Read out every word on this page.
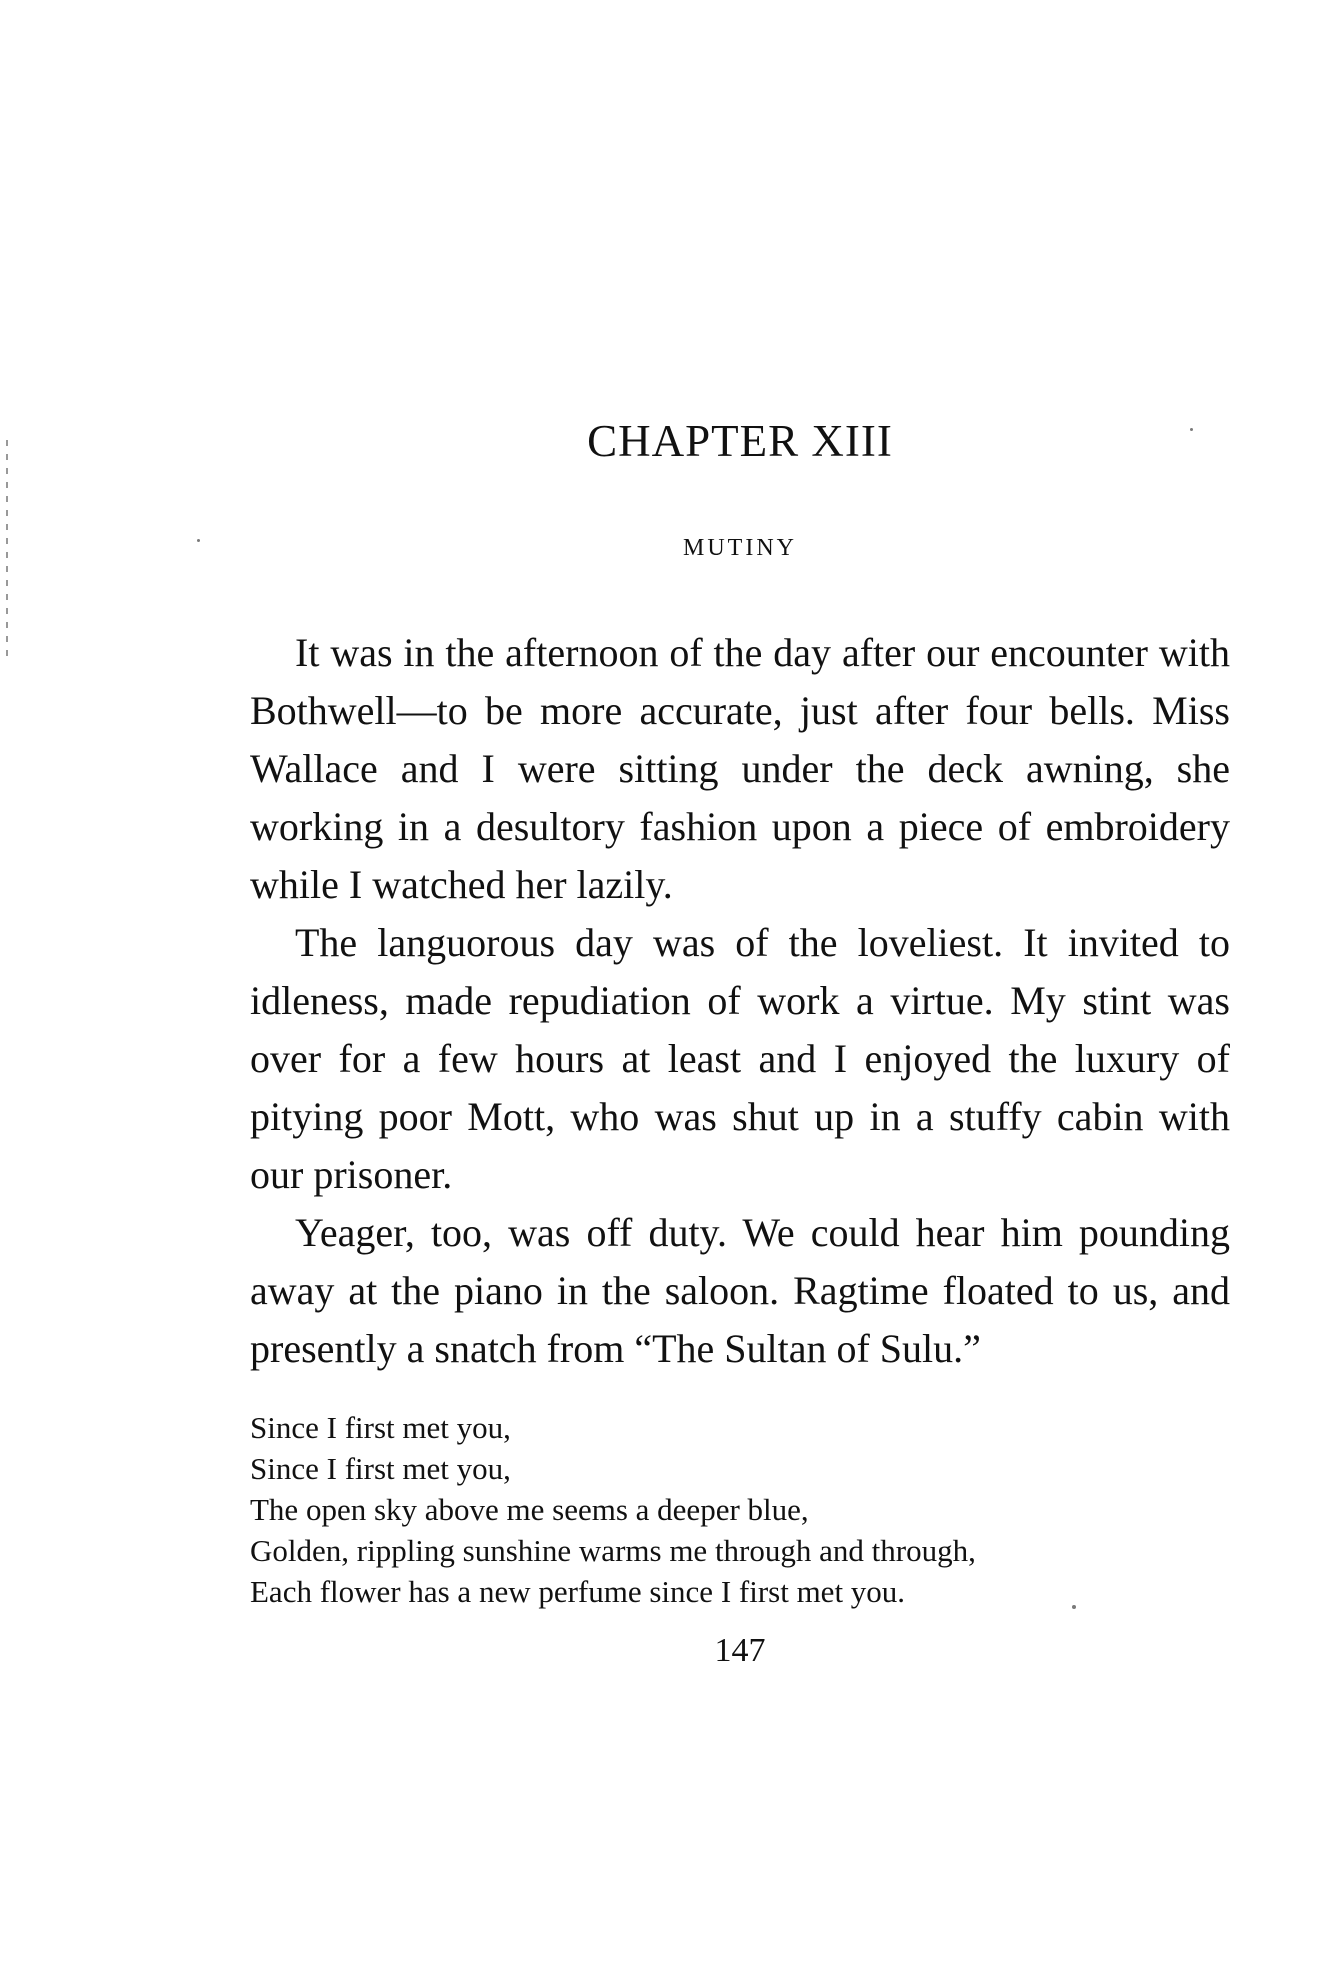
CHAPTER XIII
MUTINY

It was in the afternoon of the day after our encounter with Bothwell—to be more accurate, just after four bells. Miss Wallace and I were sitting under the deck awning, she working in a desultory fashion upon a piece of embroidery while I watched her lazily.

The languorous day was of the loveliest. It invited to idleness, made repudiation of work a virtue. My stint was over for a few hours at least and I enjoyed the luxury of pitying poor Mott, who was shut up in a stuffy cabin with our prisoner.

Yeager, too, was off duty. We could hear him pounding away at the piano in the saloon. Ragtime floated to us, and presently a snatch from “The Sultan of Sulu.”

Since I first met you,
Since I first met you,
The open sky above me seems a deeper blue,
Golden, rippling sunshine warms me through and through,
Each flower has a new perfume since I first met you.

147
